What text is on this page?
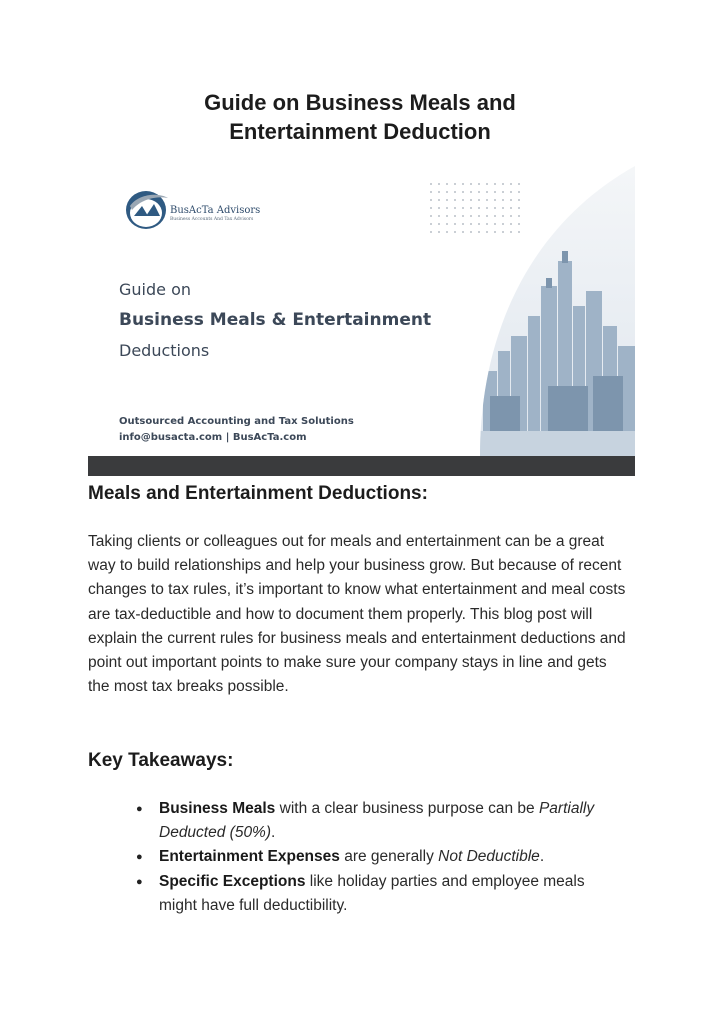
Guide on Business Meals and
Entertainment Deduction
BusAcTa Advisors
Business Accounts And Tax Advisors
Guide on
Business Meals & Entertainment
Deductions
Outsourced Accounting and Tax Solutions
info@busacta.com | BusAcTa.com
Meals and Entertainment Deductions:

Taking clients or colleagues out for meals and entertainment can be a great way to build relationships and help your business grow. But because of recent changes to tax rules, it’s important to know what entertainment and meal costs are tax-deductible and how to document them properly. This blog post will explain the current rules for business meals and entertainment deductions and point out important points to make sure your company stays in line and gets the most tax breaks possible.

Key Takeaways:
● Business Meals with a clear business purpose can be Partially Deducted (50%).
● Entertainment Expenses are generally Not Deductible.
● Specific Exceptions like holiday parties and employee meals might have full deductibility.
